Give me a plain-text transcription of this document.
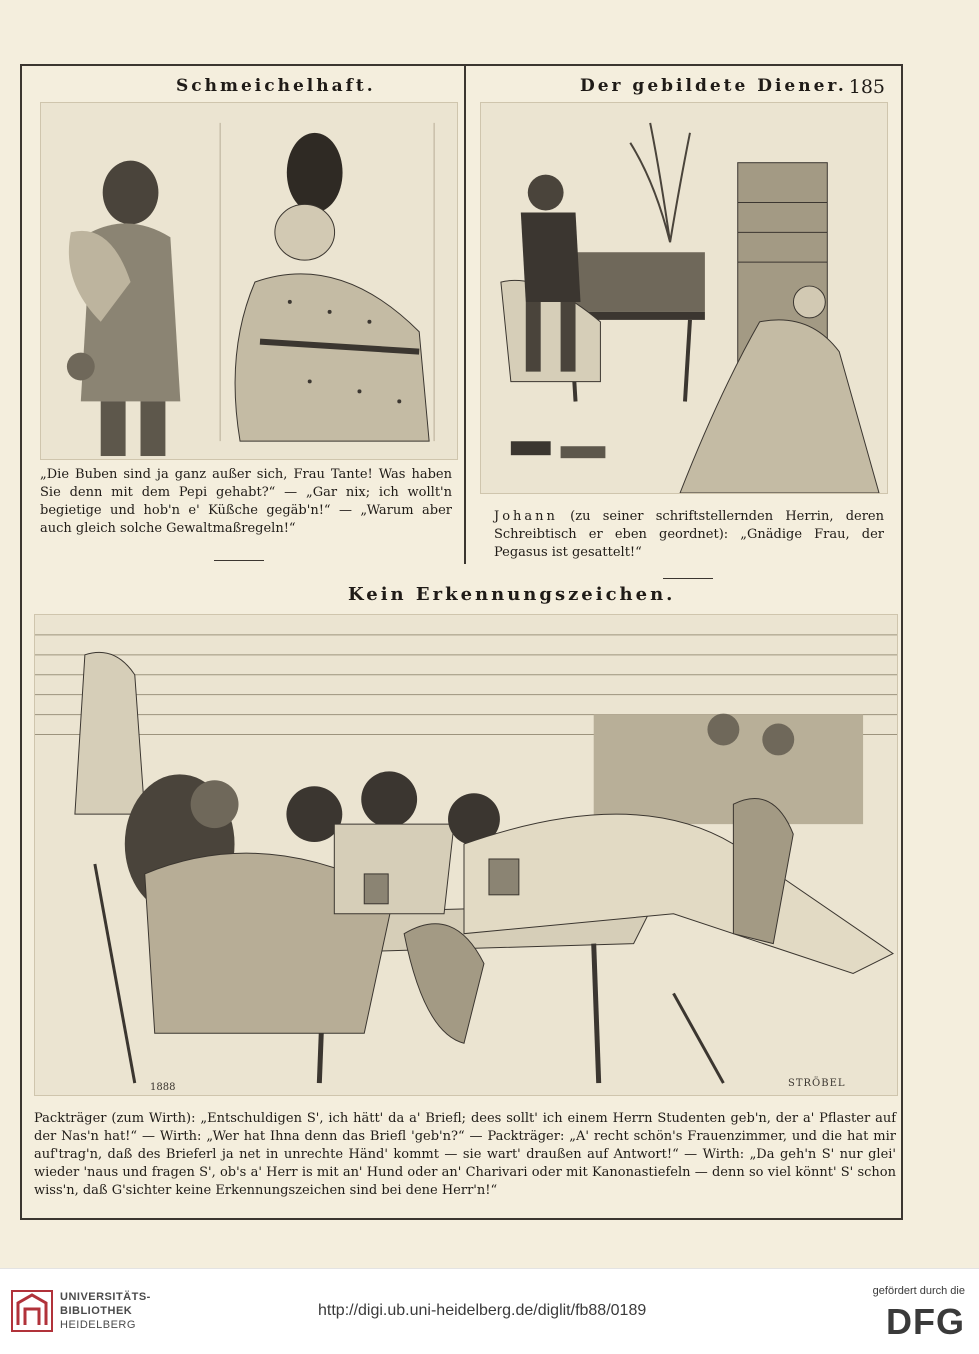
Schmeichelhaft.	Der gebildete Diener. 185

„Die Buben sind ja ganz außer sich, Frau Tante! Was haben Sie denn mit dem Pepi gehabt?“ — „Gar nix; ich wollt'n begietige und hob'n e' Küßche gegäb'n!“ — „Warum aber auch gleich solche Gewaltmaßregeln!“

Johann (zu seiner schriftstellernden Herrin, deren Schreibtisch er eben geordnet): „Gnädige Frau, der Pegasus ist gesattelt!“

Kein Erkennungszeichen.
1888	STRÖBEL

Packträger (zum Wirth): „Entschuldigen S', ich hätt' da a' Briefl; dees sollt' ich einem Herrn Studenten geb'n, der a' Pflaster auf der Nas'n hat!“ — Wirth: „Wer hat Ihna denn das Briefl 'geb'n?“ — Packträger: „A' recht schön's Frauenzimmer, und die hat mir auf'trag'n, daß des Brieferl ja net in unrechte Händ' kommt — sie wart' draußen auf Antwort!“ — Wirth: „Da geh'n S' nur glei' wieder 'naus und fragen S', ob's a' Herr is mit an' Hund oder an' Charivari oder mit Kanonastiefeln — denn so viel könnt' S' schon wiss'n, daß G'sichter keine Erkennungszeichen sind bei dene Herr'n!“

UNIVERSITÄTS-
BIBLIOTHEK
HEIDELBERG
http://digi.ub.uni-heidelberg.de/diglit/fb88/0189
gefördert durch die
DFG
